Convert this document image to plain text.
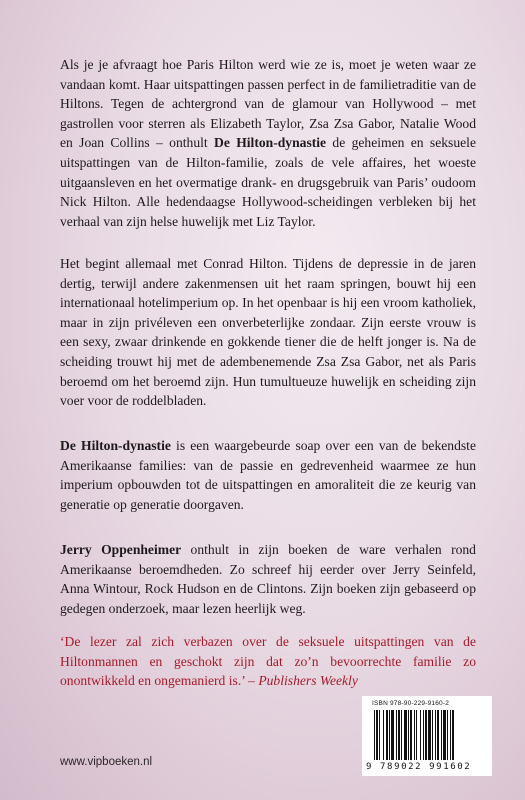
Als je je afvraagt hoe Paris Hilton werd wie ze is, moet je weten waar ze vandaan komt. Haar uitspattingen passen perfect in de familietraditie van de Hiltons. Tegen de achtergrond van de glamour van Hollywood – met gastrollen voor sterren als Elizabeth Taylor, Zsa Zsa Gabor, Natalie Wood en Joan Collins – onthult De Hilton-dynastie de geheimen en seksuele uitspattingen van de Hilton-familie, zoals de vele affaires, het woeste uitgaansleven en het overmatige drank- en drugsgebruik van Paris’ oudoom Nick Hilton. Alle hedendaagse Hollywood-scheidingen verbleken bij het verhaal van zijn helse huwelijk met Liz Taylor.

Het begint allemaal met Conrad Hilton. Tijdens de depressie in de jaren dertig, terwijl andere zakenmensen uit het raam springen, bouwt hij een internationaal hotelimperium op. In het openbaar is hij een vroom katholiek, maar in zijn privéleven een onverbeterlijke zondaar. Zijn eerste vrouw is een sexy, zwaar drinkende en gokkende tiener die de helft jonger is. Na de scheiding trouwt hij met de adembenemende Zsa Zsa Gabor, net als Paris beroemd om het beroemd zijn. Hun tumultueuze huwelijk en scheiding zijn voer voor de roddelbladen.

De Hilton-dynastie is een waargebeurde soap over een van de bekendste Amerikaanse families: van de passie en gedrevenheid waarmee ze hun imperium opbouwden tot de uitspattingen en amoraliteit die ze keurig van generatie op generatie doorgaven.

Jerry Oppenheimer onthult in zijn boeken de ware verhalen rond Amerikaanse beroemdheden. Zo schreef hij eerder over Jerry Seinfeld, Anna Wintour, Rock Hudson en de Clintons. Zijn boeken zijn gebaseerd op gedegen onderzoek, maar lezen heerlijk weg.

‘De lezer zal zich verbazen over de seksuele uitspattingen van de Hiltonmannen en geschokt zijn dat zo’n bevoorrechte familie zo onontwikkeld en ongemanierd is.’ – Publishers Weekly

www.vipboeken.nl
ISBN 978-90-229-9160-2
9 789022 991602
